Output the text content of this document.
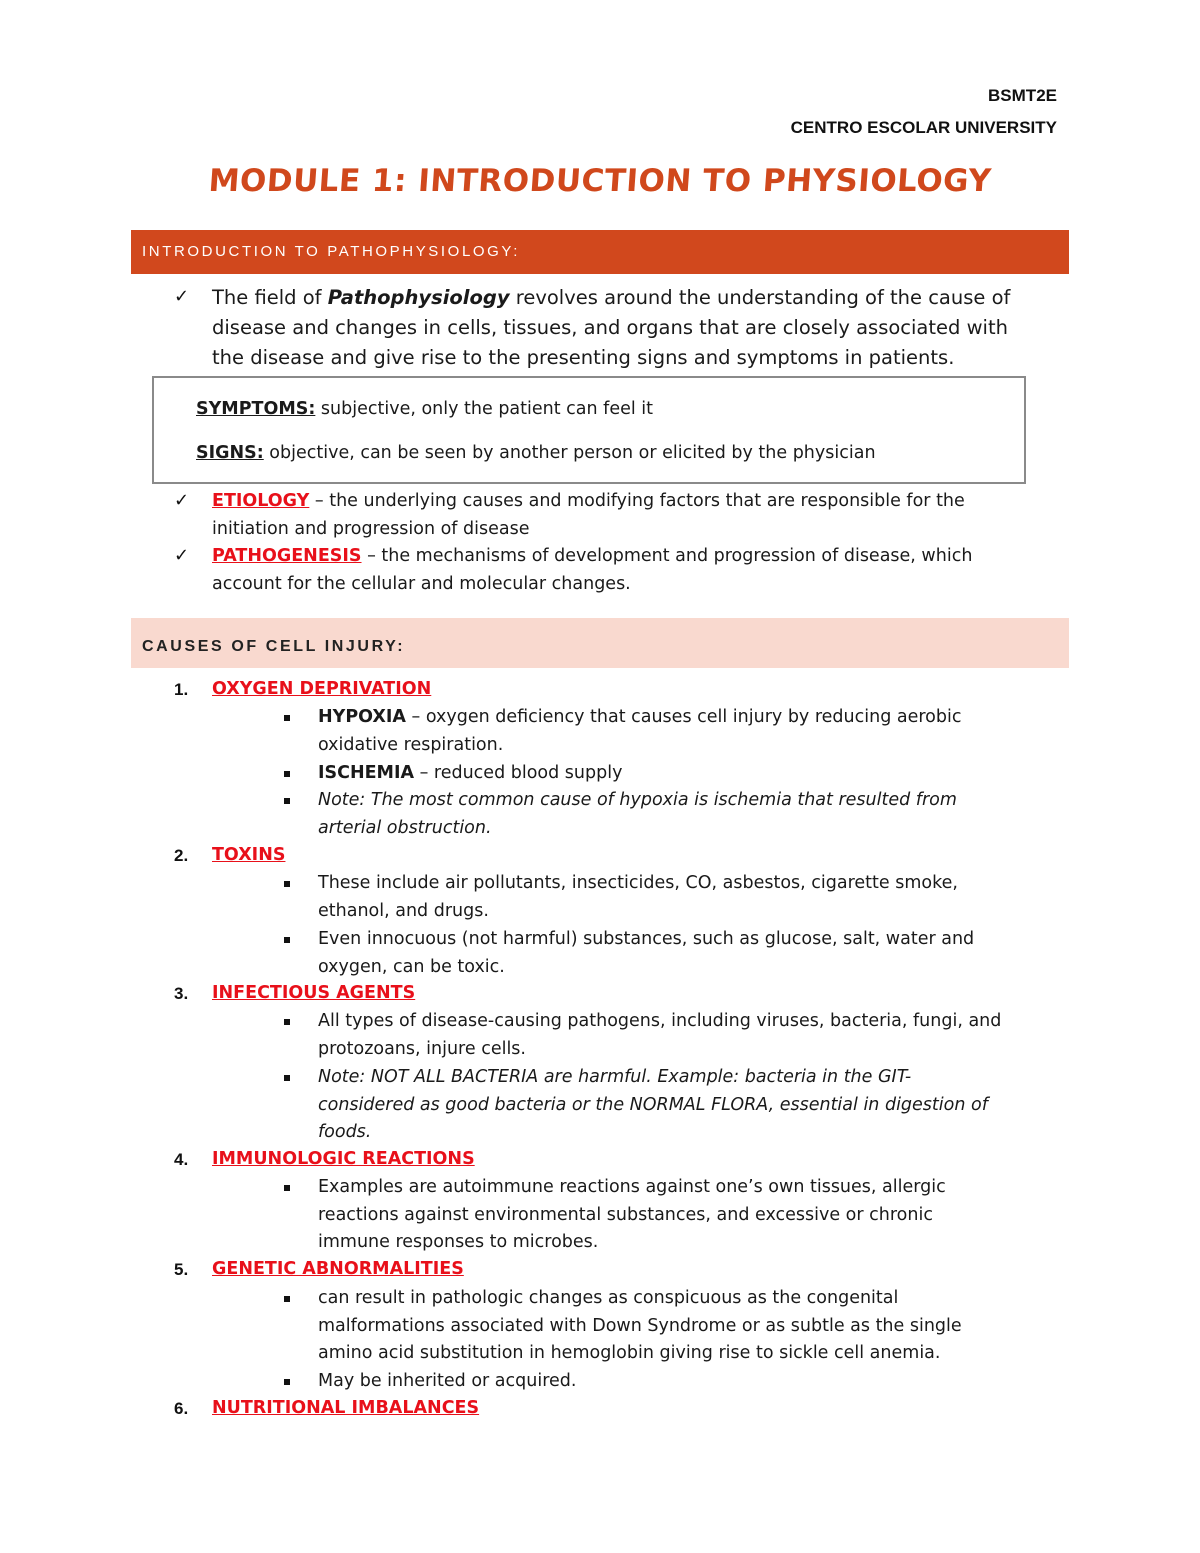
BSMT2E
CENTRO ESCOLAR UNIVERSITY
MODULE 1: INTRODUCTION TO PHYSIOLOGY
INTRODUCTION TO PATHOPHYSIOLOGY:
✓ The field of Pathophysiology revolves around the understanding of the cause of
disease and changes in cells, tissues, and organs that are closely associated with
the disease and give rise to the presenting signs and symptoms in patients.
SYMPTOMS: subjective, only the patient can feel it
SIGNS: objective, can be seen by another person or elicited by the physician
✓ ETIOLOGY – the underlying causes and modifying factors that are responsible for the
initiation and progression of disease
✓ PATHOGENESIS – the mechanisms of development and progression of disease, which
account for the cellular and molecular changes.
CAUSES OF CELL INJURY:
1. OXYGEN DEPRIVATION
HYPOXIA – oxygen deficiency that causes cell injury by reducing aerobic
oxidative respiration.
ISCHEMIA – reduced blood supply
Note: The most common cause of hypoxia is ischemia that resulted from
arterial obstruction.
2. TOXINS
These include air pollutants, insecticides, CO, asbestos, cigarette smoke,
ethanol, and drugs.
Even innocuous (not harmful) substances, such as glucose, salt, water and
oxygen, can be toxic.
3. INFECTIOUS AGENTS
All types of disease-causing pathogens, including viruses, bacteria, fungi, and
protozoans, injure cells.
Note: NOT ALL BACTERIA are harmful. Example: bacteria in the GIT-
considered as good bacteria or the NORMAL FLORA, essential in digestion of
foods.
4. IMMUNOLOGIC REACTIONS
Examples are autoimmune reactions against one’s own tissues, allergic
reactions against environmental substances, and excessive or chronic
immune responses to microbes.
5. GENETIC ABNORMALITIES
can result in pathologic changes as conspicuous as the congenital
malformations associated with Down Syndrome or as subtle as the single
amino acid substitution in hemoglobin giving rise to sickle cell anemia.
May be inherited or acquired.
6. NUTRITIONAL IMBALANCES
